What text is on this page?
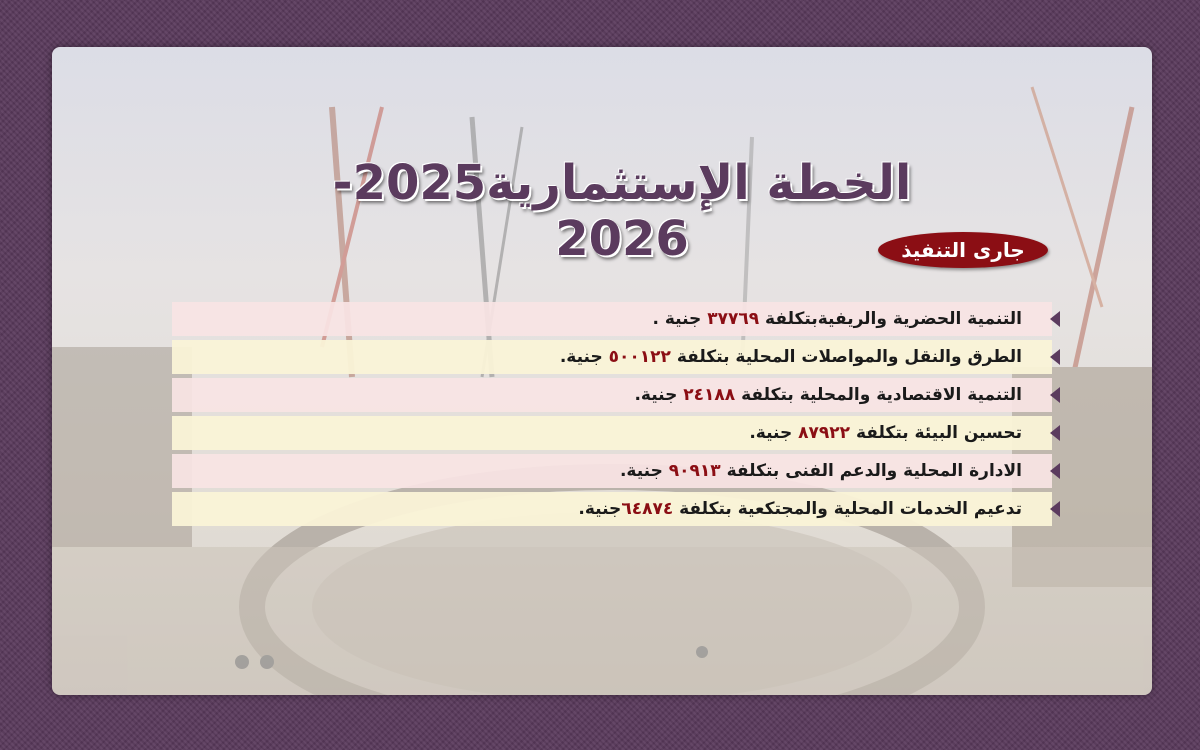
الخطة الإستثمارية2025-2026	جارى التنفيذ
التنمية الحضرية والريفيةبتكلفة ٣٧٧٦٩ جنية .
الطرق والنقل والمواصلات المحلية بتكلفة ٥٠٠١٢٢ جنية.
التنمية الاقتصادية والمحلية بتكلفة ٢٤١٨٨ جنية.
تحسين البيئة بتكلفة ٨٧٩٢٢ جنية.
الادارة المحلية والدعم الفنى بتكلفة ٩٠٩١٣ جنية.
تدعيم الخدمات المحلية والمجتكعية بتكلفة ٦٤٨٧٤جنية.
